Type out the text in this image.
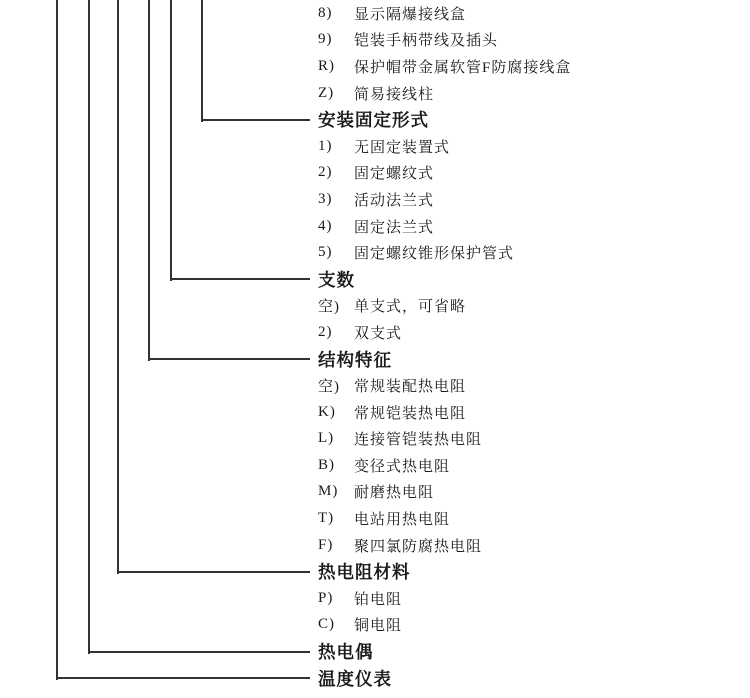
8)	显示隔爆接线盒
9)	铠装手柄带线及插头
R)	保护帽带金属软管F防腐接线盒
Z)	简易接线柱
安装固定形式
1)	无固定装置式
2)	固定螺纹式
3)	活动法兰式
4)	固定法兰式
5)	固定螺纹锥形保护管式
支数
空) 单支式，可省略
2)	双支式
结构特征
空) 常规装配热电阻
K)	常规铠装热电阻
L)	连接管铠装热电阻
B)	变径式热电阻
M)	耐磨热电阻
T)	电站用热电阻
F)	聚四氯防腐热电阻
热电阻材料
P)	铂电阻
C)	铜电阻
热电偶
温度仪表
